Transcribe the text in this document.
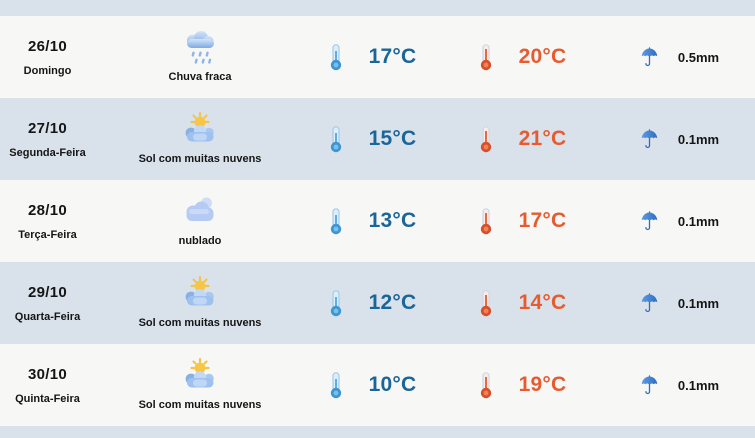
26/10
Domingo
Chuva fraca
17°C	20°C	0.5mm
27/10
Segunda-Feira
Sol com muitas nuvens
15°C	21°C	0.1mm
28/10
Terça-Feira
nublado
13°C	17°C	0.1mm
29/10
Quarta-Feira
Sol com muitas nuvens
12°C	14°C	0.1mm
30/10
Quinta-Feira
Sol com muitas nuvens
10°C	19°C	0.1mm
